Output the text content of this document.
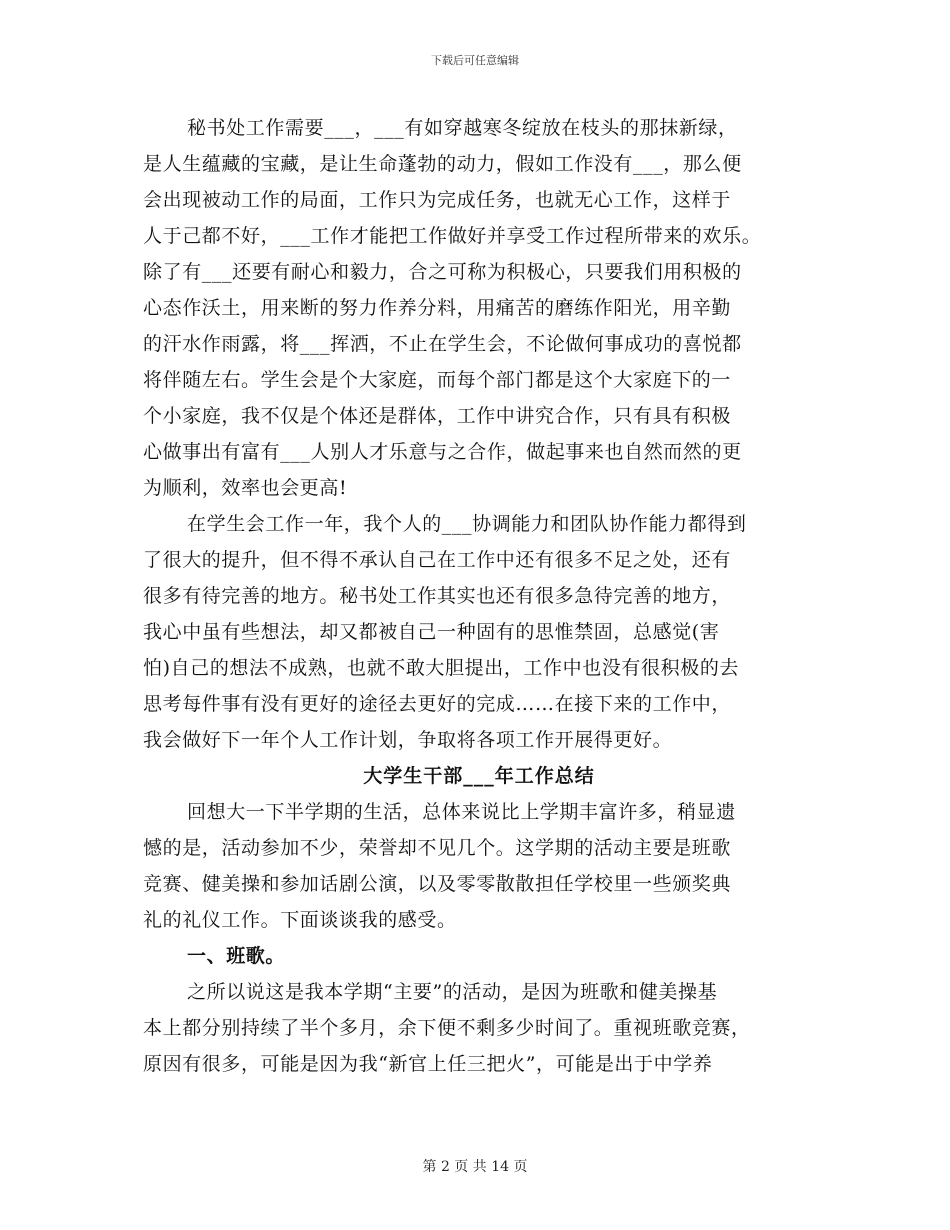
下载后可任意编辑
秘书处工作需要___，___有如穿越寒冬绽放在枝头的那抹新绿，
是人生蕴藏的宝藏，是让生命蓬勃的动力，假如工作没有___，那么便
会出现被动工作的局面，工作只为完成任务，也就无心工作，这样于
人于己都不好，___工作才能把工作做好并享受工作过程所带来的欢乐。
除了有___还要有耐心和毅力，合之可称为积极心，只要我们用积极的
心态作沃土，用来断的努力作养分料，用痛苦的磨练作阳光，用辛勤
的汗水作雨露，将___挥洒，不止在学生会，不论做何事成功的喜悦都
将伴随左右。学生会是个大家庭，而每个部门都是这个大家庭下的一
个小家庭，我不仅是个体还是群体，工作中讲究合作，只有具有积极
心做事出有富有___人别人才乐意与之合作，做起事来也自然而然的更
为顺利，效率也会更高!
在学生会工作一年，我个人的___协调能力和团队协作能力都得到
了很大的提升，但不得不承认自己在工作中还有很多不足之处，还有
很多有待完善的地方。秘书处工作其实也还有很多急待完善的地方，
我心中虽有些想法，却又都被自己一种固有的思惟禁固，总感觉(害
怕)自己的想法不成熟，也就不敢大胆提出，工作中也没有很积极的去
思考每件事有没有更好的途径去更好的完成……在接下来的工作中，
我会做好下一年个人工作计划，争取将各项工作开展得更好。
大学生干部___年工作总结
回想大一下半学期的生活，总体来说比上学期丰富许多，稍显遗
憾的是，活动参加不少，荣誉却不见几个。这学期的活动主要是班歌
竞赛、健美操和参加话剧公演，以及零零散散担任学校里一些颁奖典
礼的礼仪工作。下面谈谈我的感受。
一、班歌。
之所以说这是我本学期“主要”的活动，是因为班歌和健美操基
本上都分别持续了半个多月，余下便不剩多少时间了。重视班歌竞赛，
原因有很多，可能是因为我“新官上任三把火”，可能是出于中学养
第 2 页 共 14 页
